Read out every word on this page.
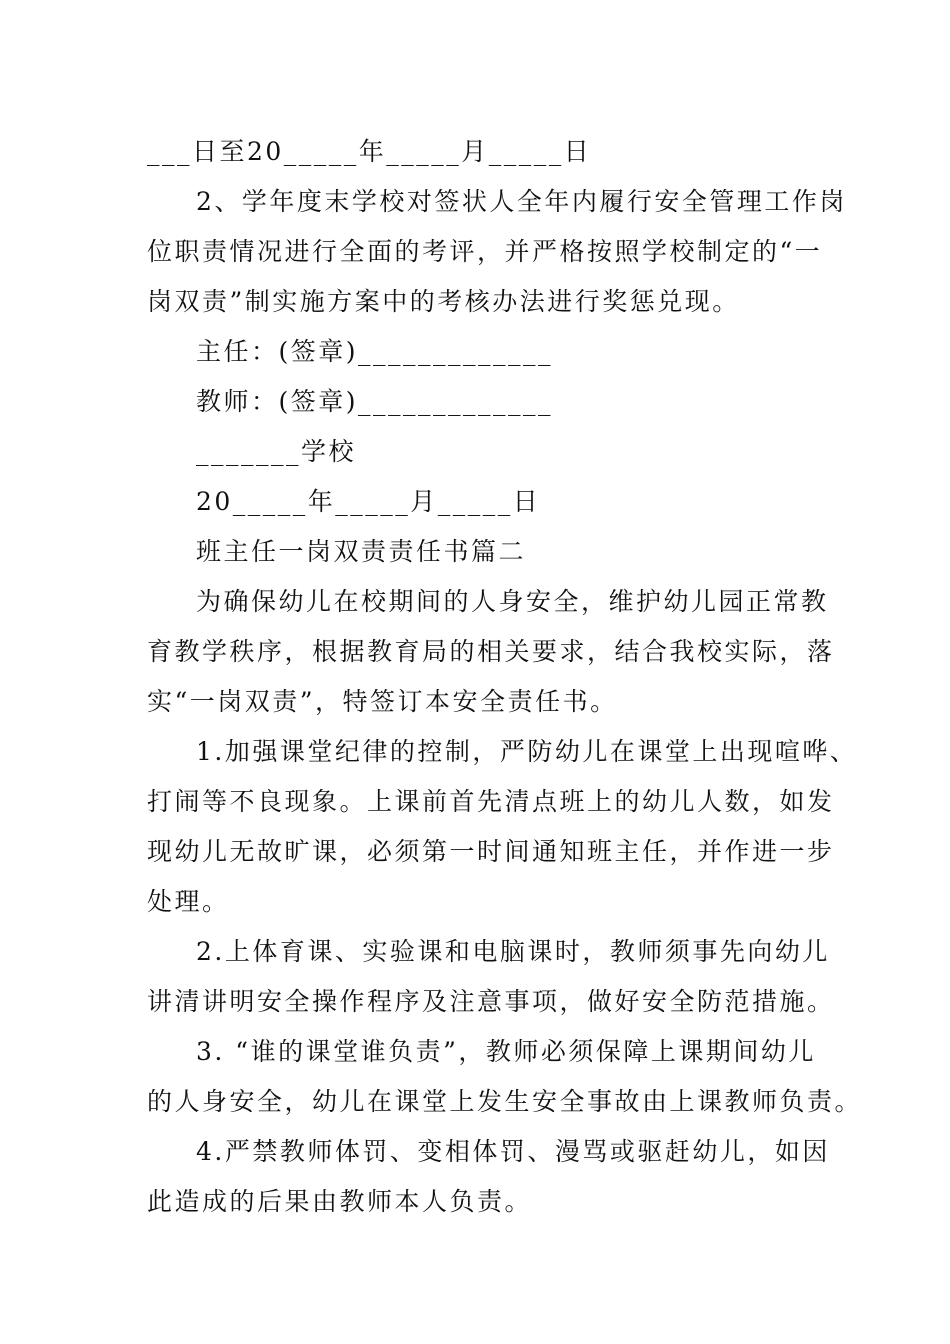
___日至20_____年_____月_____日
2、学年度末学校对签状人全年内履行安全管理工作岗
位职责情况进行全面的考评，并严格按照学校制定的“一
岗双责”制实施方案中的考核办法进行奖惩兑现。
主任：(签章)_____________
教师：(签章)_____________
_______学校
20_____年_____月_____日
班主任一岗双责责任书篇二
为确保幼儿在校期间的人身安全，维护幼儿园正常教
育教学秩序，根据教育局的相关要求，结合我校实际，落
实“一岗双责”，特签订本安全责任书。
1.加强课堂纪律的控制，严防幼儿在课堂上出现喧哗、
打闹等不良现象。上课前首先清点班上的幼儿人数，如发
现幼儿无故旷课，必须第一时间通知班主任，并作进一步
处理。
2.上体育课、实验课和电脑课时，教师须事先向幼儿
讲清讲明安全操作程序及注意事项，做好安全防范措施。
3. “谁的课堂谁负责”，教师必须保障上课期间幼儿
的人身安全，幼儿在课堂上发生安全事故由上课教师负责。
4.严禁教师体罚、变相体罚、漫骂或驱赶幼儿，如因
此造成的后果由教师本人负责。
